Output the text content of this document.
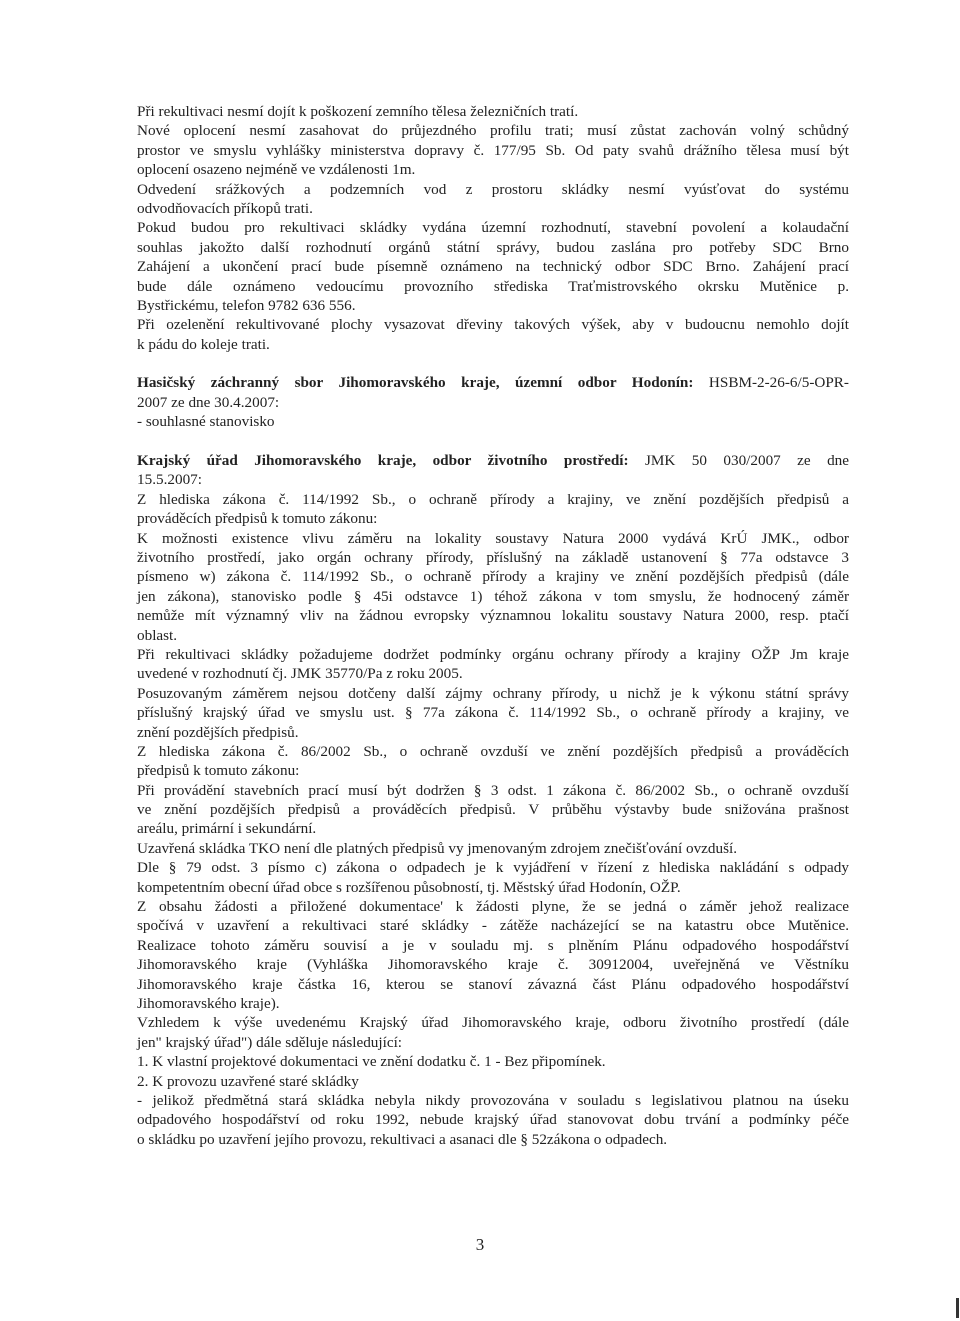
Při rekultivaci nesmí dojít k poškození zemního tělesa železničních tratí.
Nové oplocení nesmí zasahovat do průjezdného profilu trati; musí zůstat zachován volný schůdný
prostor ve smyslu vyhlášky ministerstva dopravy č. 177/95 Sb. Od paty svahů drážního tělesa musí být
oplocení osazeno nejméně ve vzdálenosti 1m.
Odvedení srážkových a podzemních vod z prostoru skládky nesmí vyúsťovat do systému
odvodňovacích příkopů trati.
Pokud budou pro rekultivaci skládky vydána územní rozhodnutí, stavební povolení a kolaudační
souhlas jakožto další rozhodnutí orgánů státní správy, budou zaslána pro potřeby SDC Brno
Zahájení a ukončení prací bude písemně oznámeno na technický odbor SDC Brno. Zahájení prací
bude dále oznámeno vedoucímu provozního střediska Traťmistrovského okrsku Mutěnice p.
Bystřickému, telefon 9782 636 556.
Při ozelenění rekultivované plochy vysazovat dřeviny takových výšek, aby v budoucnu nemohlo dojít
k pádu do koleje trati.
Hasičský záchranný sbor Jihomoravského kraje, územní odbor Hodonín: HSBM-2-26-6/5-OPR-
2007 ze dne 30.4.2007:
- souhlasné stanovisko
Krajský úřad Jihomoravského kraje, odbor životního prostředí: JMK 50 030/2007 ze dne
15.5.2007:
Z hlediska zákona č. 114/1992 Sb., o ochraně přírody a krajiny, ve znění pozdějších předpisů a
prováděcích předpisů k tomuto zákonu:
K možnosti existence vlivu záměru na lokality soustavy Natura 2000 vydává KrÚ JMK., odbor
životního prostředí, jako orgán ochrany přírody, příslušný na základě ustanovení § 77a odstavce 3
písmeno w) zákona č. 114/1992 Sb., o ochraně přírody a krajiny ve znění pozdějších předpisů (dále
jen zákona), stanovisko podle § 45i odstavce 1) téhož zákona v tom smyslu, že hodnocený záměr
nemůže mít významný vliv na žádnou evropsky významnou lokalitu soustavy Natura 2000, resp. ptačí
oblast.
Při rekultivaci skládky požadujeme dodržet podmínky orgánu ochrany přírody a krajiny OŽP Jm kraje
uvedené v rozhodnutí čj. JMK 35770/Pa z roku 2005.
Posuzovaným záměrem nejsou dotčeny další zájmy ochrany přírody, u nichž je k výkonu státní správy
příslušný krajský úřad ve smyslu ust. § 77a zákona č. 114/1992 Sb., o ochraně přírody a krajiny, ve
znění pozdějších předpisů.
Z hlediska zákona č. 86/2002 Sb., o ochraně ovzduší ve znění pozdějších předpisů a prováděcích
předpisů k tomuto zákonu:
Při provádění stavebních prací musí být dodržen § 3 odst. 1 zákona č. 86/2002 Sb., o ochraně ovzduší
ve znění pozdějších předpisů a prováděcích předpisů. V průběhu výstavby bude snižována prašnost
areálu, primární i sekundární.
Uzavřená skládka TKO není dle platných předpisů vy jmenovaným zdrojem znečišťování ovzduší.
Dle § 79 odst. 3 písmo c) zákona o odpadech je k vyjádření v řízení z hlediska nakládání s odpady
kompetentním obecní úřad obce s rozšířenou působností, tj. Městský úřad Hodonín, OŽP.
Z obsahu žádosti a přiložené dokumentace' k žádosti plyne, že se jedná o záměr jehož realizace
spočívá v uzavření a rekultivaci staré skládky - zátěže nacházející se na katastru obce Mutěnice.
Realizace tohoto záměru souvisí a je v souladu mj. s plněním Plánu odpadového hospodářství
Jihomoravského kraje (Vyhláška Jihomoravského kraje č. 30912004, uveřejněná ve Věstníku
Jihomoravského kraje částka 16, kterou se stanoví závazná část Plánu odpadového hospodářství
Jihomoravského kraje).
Vzhledem k výše uvedenému Krajský úřad Jihomoravského kraje, odboru životního prostředí (dále
jen" krajský úřad") dále sděluje následující:
1. K vlastní projektové dokumentaci ve znění dodatku č. 1 - Bez připomínek.
2. K provozu uzavřené staré skládky
- jelikož předmětná stará skládka nebyla nikdy provozována v souladu s legislativou platnou na úseku
odpadového hospodářství od roku 1992, nebude krajský úřad stanovovat dobu trvání a podmínky péče
o skládku po uzavření jejího provozu, rekultivaci a asanaci dle § 52zákona o odpadech.
3
